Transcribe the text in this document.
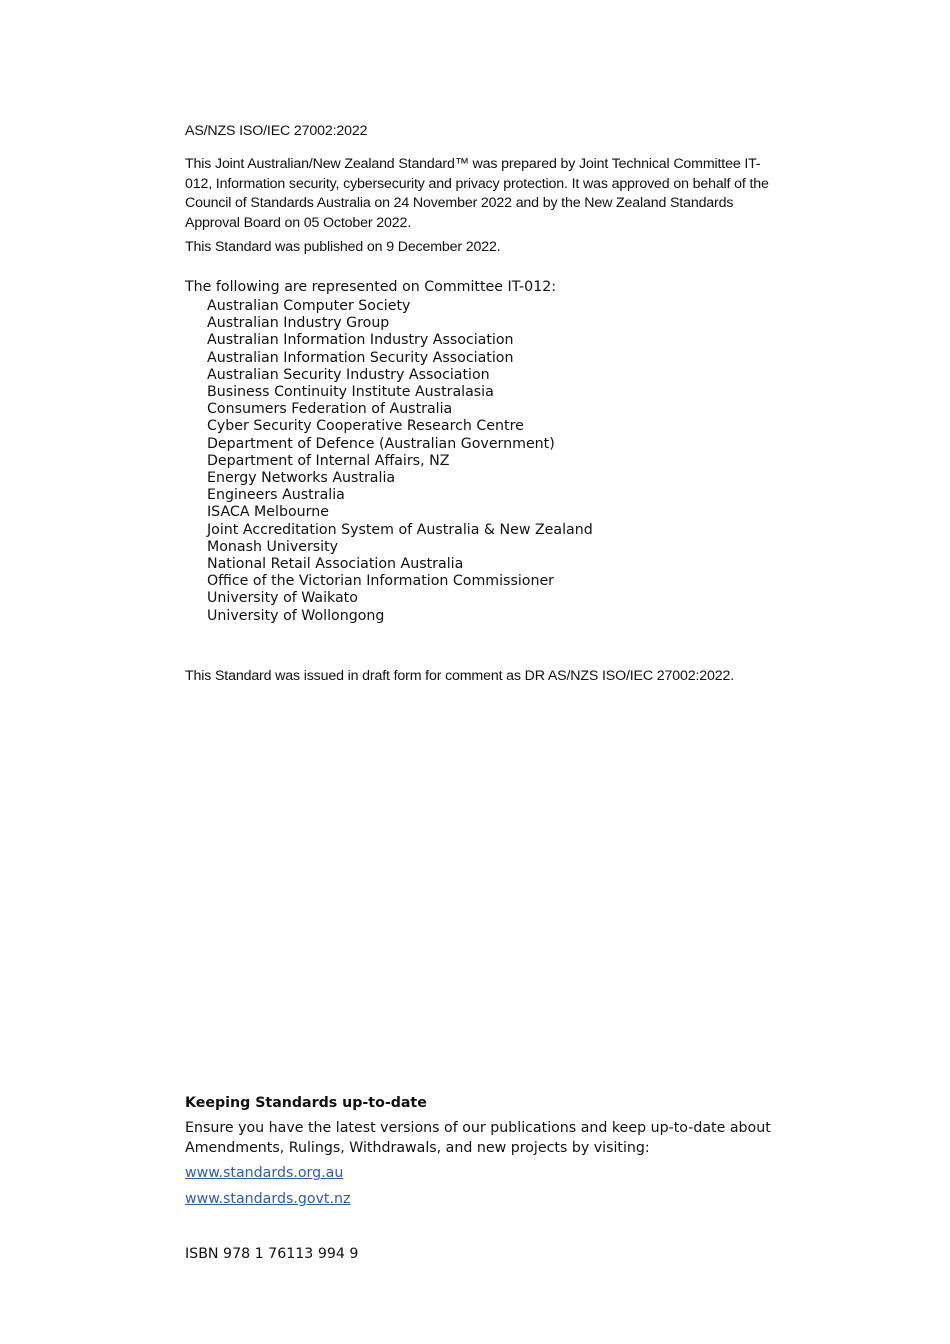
AS/NZS ISO/IEC 27002:2022

This Joint Australian/New Zealand Standard™ was prepared by Joint Technical Committee IT-012, Information security, cybersecurity and privacy protection. It was approved on behalf of the Council of Standards Australia on 24 November 2022 and by the New Zealand Standards Approval Board on 05 October 2022.

This Standard was published on 9 December 2022.
The following are represented on Committee IT-012:
Australian Computer Society
Australian Industry Group
Australian Information Industry Association
Australian Information Security Association
Australian Security Industry Association
Business Continuity Institute Australasia
Consumers Federation of Australia
Cyber Security Cooperative Research Centre
Department of Defence (Australian Government)
Department of Internal Affairs, NZ
Energy Networks Australia
Engineers Australia
ISACA Melbourne
Joint Accreditation System of Australia & New Zealand
Monash University
National Retail Association Australia
Office of the Victorian Information Commissioner
University of Waikato
University of Wollongong
This Standard was issued in draft form for comment as DR AS/NZS ISO/IEC 27002:2022.
Keeping Standards up-to-date

Ensure you have the latest versions of our publications and keep up-to-date about Amendments, Rulings, Withdrawals, and new projects by visiting:

www.standards.org.au
www.standards.govt.nz
ISBN 978 1 76113 994 9
